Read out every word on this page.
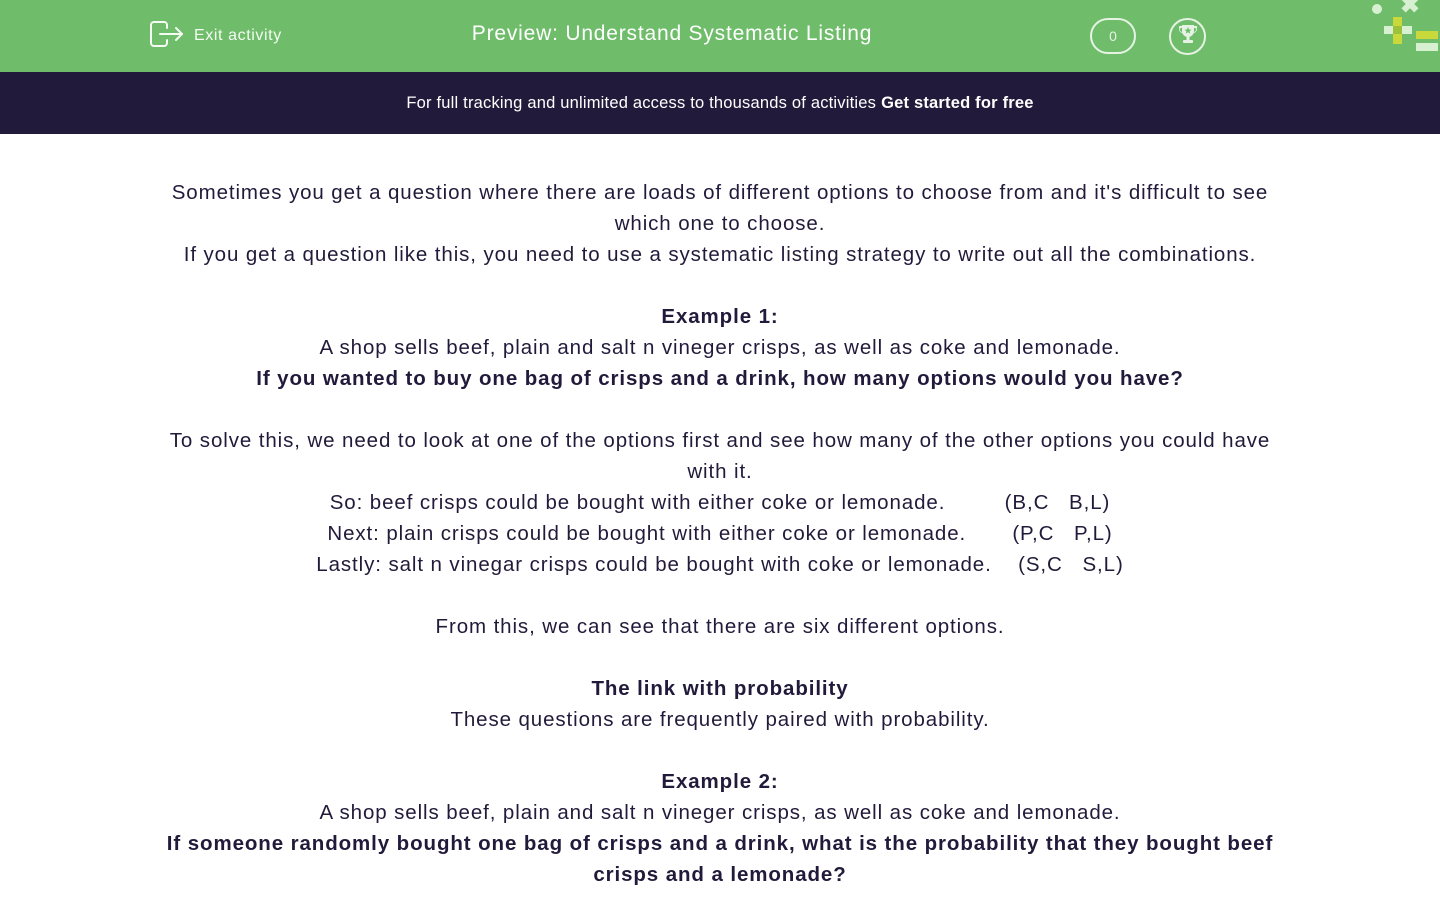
Exit activity	Preview: Understand Systematic Listing	0
For full tracking and unlimited access to thousands of activities Get started for free

Sometimes you get a question where there are loads of different options to choose from and it's difficult to see which one to choose.

If you get a question like this, you need to use a systematic listing strategy to write out all the combinations.

Example 1:

A shop sells beef, plain and salt n vineger crisps, as well as coke and lemonade.

If you wanted to buy one bag of crisps and a drink, how many options would you have?

To solve this, we need to look at one of the options first and see how many of the other options you could have with it.

So: beef crisps could be bought with either coke or lemonade.	(B,C   B,L)

Next: plain crisps could be bought with either coke or lemonade. (P,C   P,L)

Lastly: salt n vinegar crisps could be bought with coke or lemonade. (S,C   S,L)

From this, we can see that there are six different options.

The link with probability

These questions are frequently paired with probability.

Example 2:

A shop sells beef, plain and salt n vineger crisps, as well as coke and lemonade.

If someone randomly bought one bag of crisps and a drink, what is the probability that they bought beef crisps and a lemonade?
